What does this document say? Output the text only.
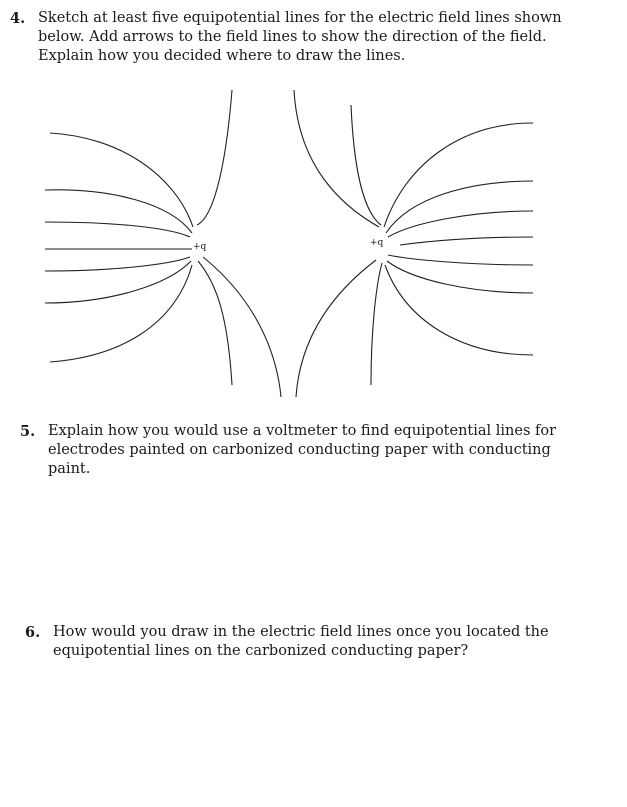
4. Sketch at least five equipotential lines for the electric field lines shown below. Add arrows to the field lines to show the direction of the field. Explain how you decided where to draw the lines.
+q	+q
5. Explain how you would use a voltmeter to find equipotential lines for electrodes painted on carbonized conducting paper with conducting paint.
6. How would you draw in the electric field lines once you located the equipotential lines on the carbonized conducting paper?
